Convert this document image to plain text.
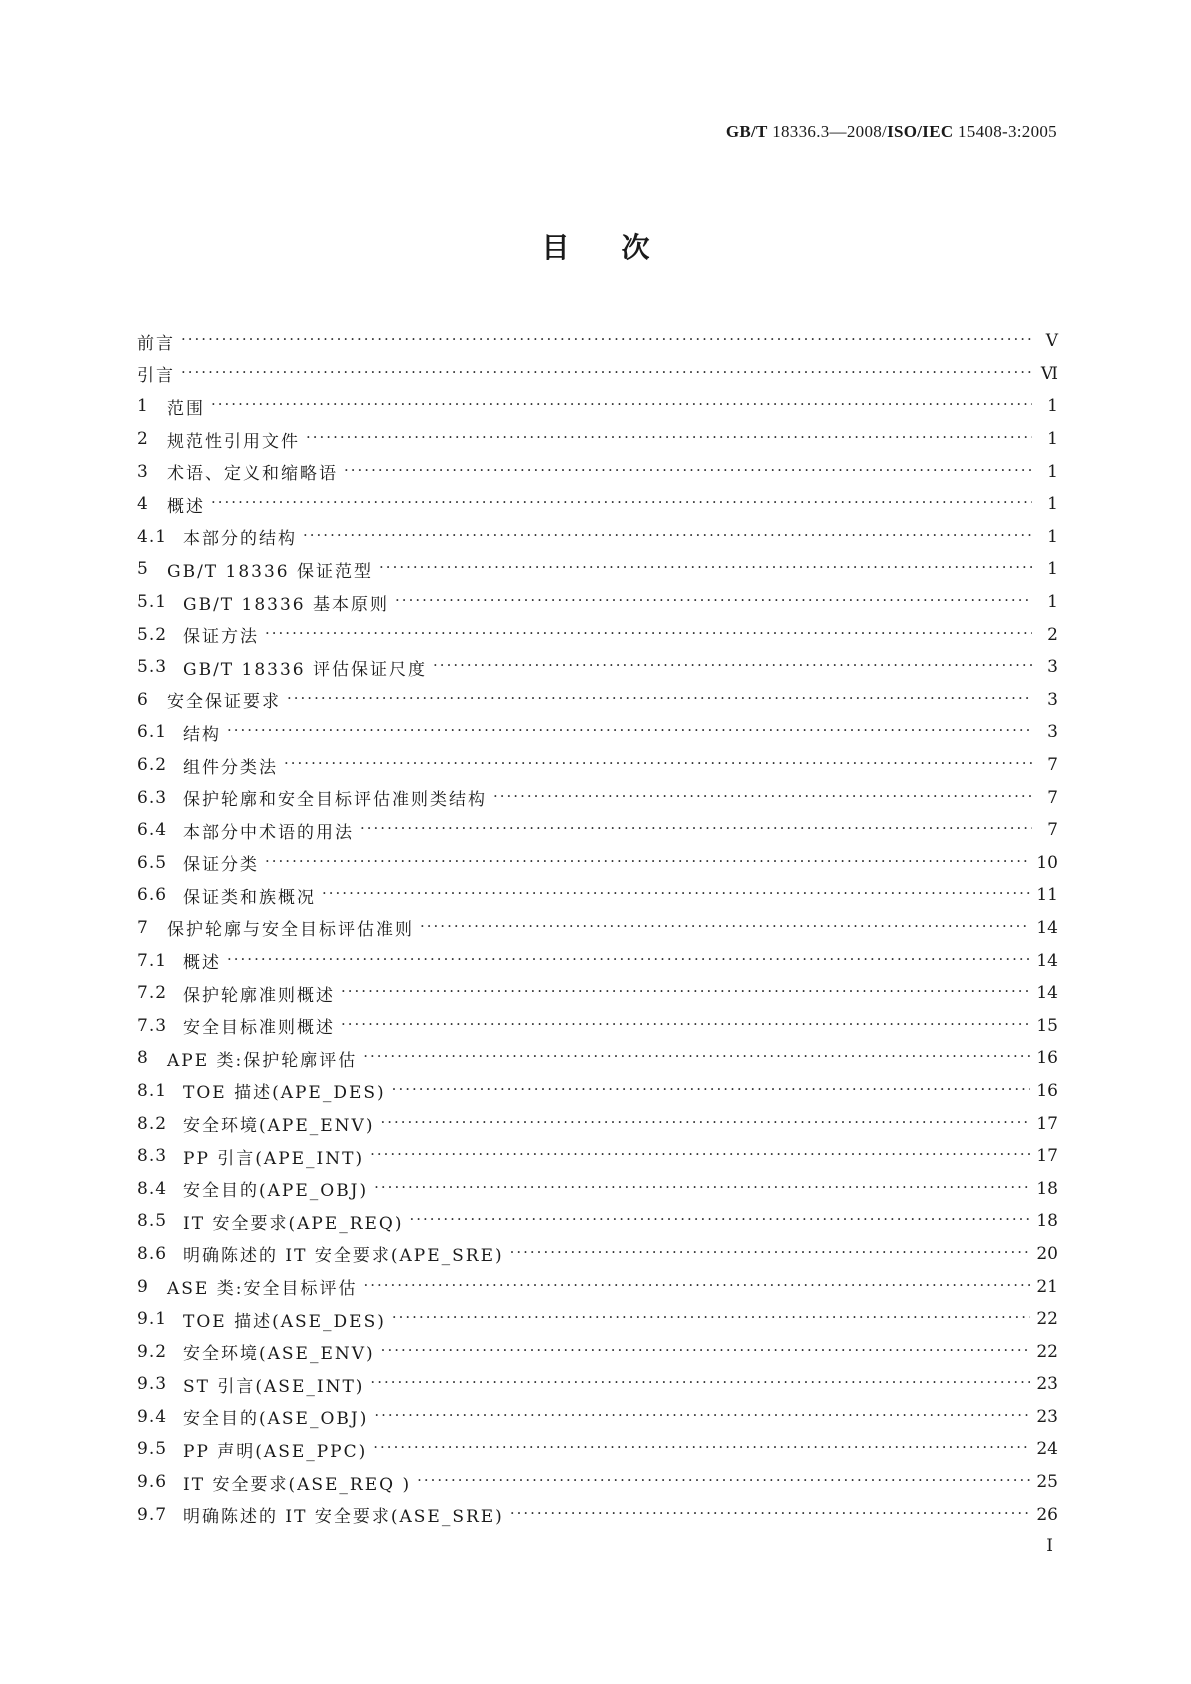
GB/T 18336.3—2008/ISO/IEC 15408-3:2005
目次
前言 ·····	Ⅴ
引言 ·····	Ⅵ
1	范围 ·····	1
2	规范性引用文件 ·····	1
3	术语、定义和缩略语 ·····	1
4	概述 ·····	1
4.1 本部分的结构 ·····	1
5	GB/T 18336 保证范型 ·····	1
5.1 GB/T 18336 基本原则 ·····	1
5.2 保证方法 ·····	2
5.3 GB/T 18336 评估保证尺度 ·····	3
6	安全保证要求 ·····	3
6.1 结构 ·····	3
6.2 组件分类法 ·····	7
6.3 保护轮廓和安全目标评估准则类结构 ·····	7
6.4 本部分中术语的用法 ·····	7
6.5 保证分类 ·····	10
6.6 保证类和族概况 ·····	11
7	保护轮廓与安全目标评估准则 ·····	14
7.1 概述 ·····	14
7.2 保护轮廓准则概述 ·····	14
7.3 安全目标准则概述 ·····	15
8	APE 类:保护轮廓评估 ·····	16
8.1 TOE 描述(APE_DES) ·····	16
8.2 安全环境(APE_ENV) ·····	17
8.3 PP 引言(APE_INT) ·····	17
8.4 安全目的(APE_OBJ) ·····	18
8.5 IT 安全要求(APE_REQ) ·····	18
8.6 明确陈述的 IT 安全要求(APE_SRE) ·····	20
9	ASE 类:安全目标评估 ·····	21
9.1 TOE 描述(ASE_DES) ·····	22
9.2 安全环境(ASE_ENV) ·····	22
9.3 ST 引言(ASE_INT) ·····	23
9.4 安全目的(ASE_OBJ) ·····	23
9.5 PP 声明(ASE_PPC) ·····	24
9.6 IT 安全要求(ASE_REQ ) ·····	25
9.7 明确陈述的 IT 安全要求(ASE_SRE) ·····	26
Ⅰ
